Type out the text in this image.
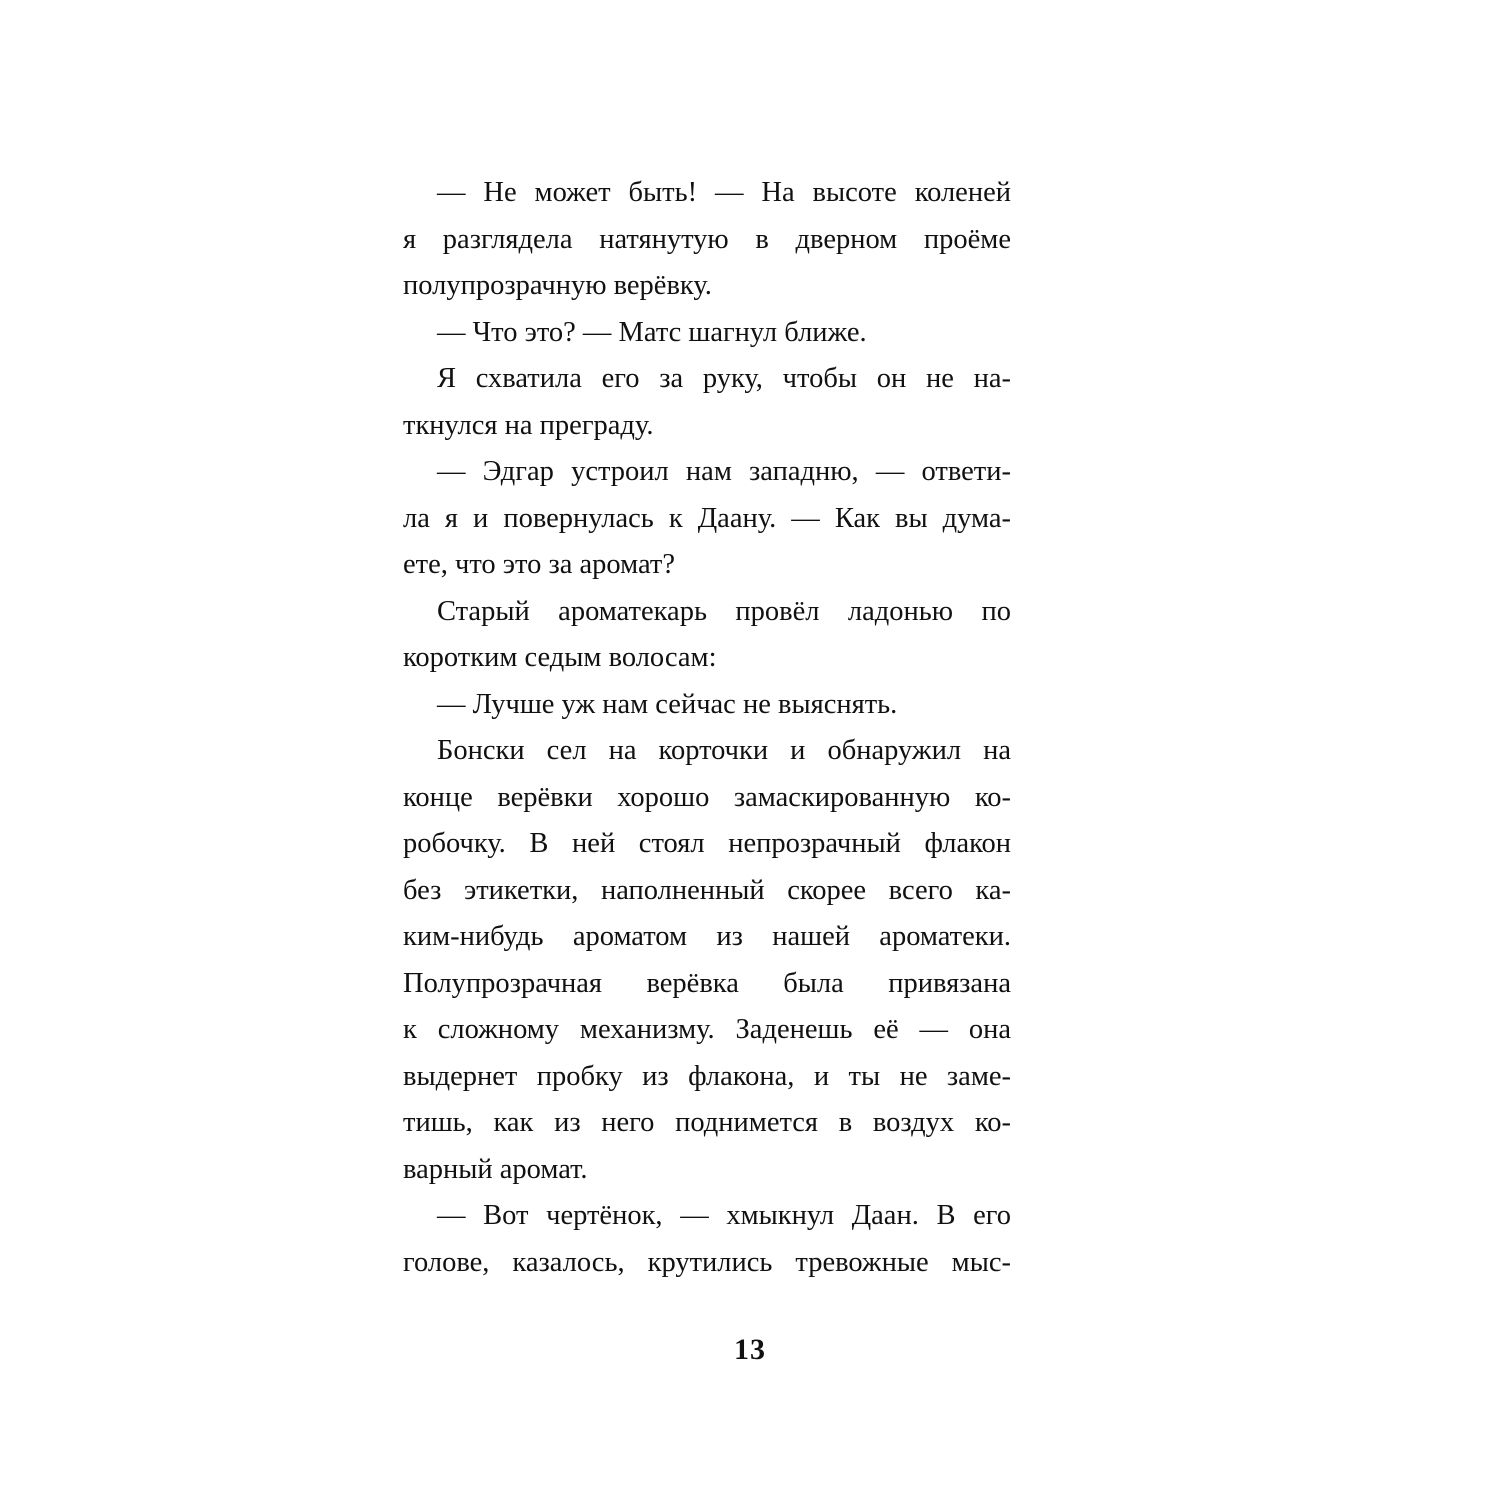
— Не может быть! — На высоте коленей
я разглядела натянутую в дверном проёме
полупрозрачную верёвку.
— Что это? — Матс шагнул ближе.
Я схватила его за руку, чтобы он не на-
ткнулся на преграду.
— Эдгар устроил нам западню, — ответи-
ла я и повернулась к Даану. — Как вы дума-
ете, что это за аромат?
Старый ароматекарь провёл ладонью по
коротким седым волосам:
— Лучше уж нам сейчас не выяснять.
Бонски сел на корточки и обнаружил на
конце верёвки хорошо замаскированную ко-
робочку. В ней стоял непрозрачный флакон
без этикетки, наполненный скорее всего ка-
ким-нибудь ароматом из нашей ароматеки.
Полупрозрачная верёвка была привязана
к сложному механизму. Заденешь её — она
выдернет пробку из флакона, и ты не заме-
тишь, как из него поднимется в воздух ко-
варный аромат.
— Вот чертёнок, — хмыкнул Даан. В его
голове, казалось, крутились тревожные мыс-
13
